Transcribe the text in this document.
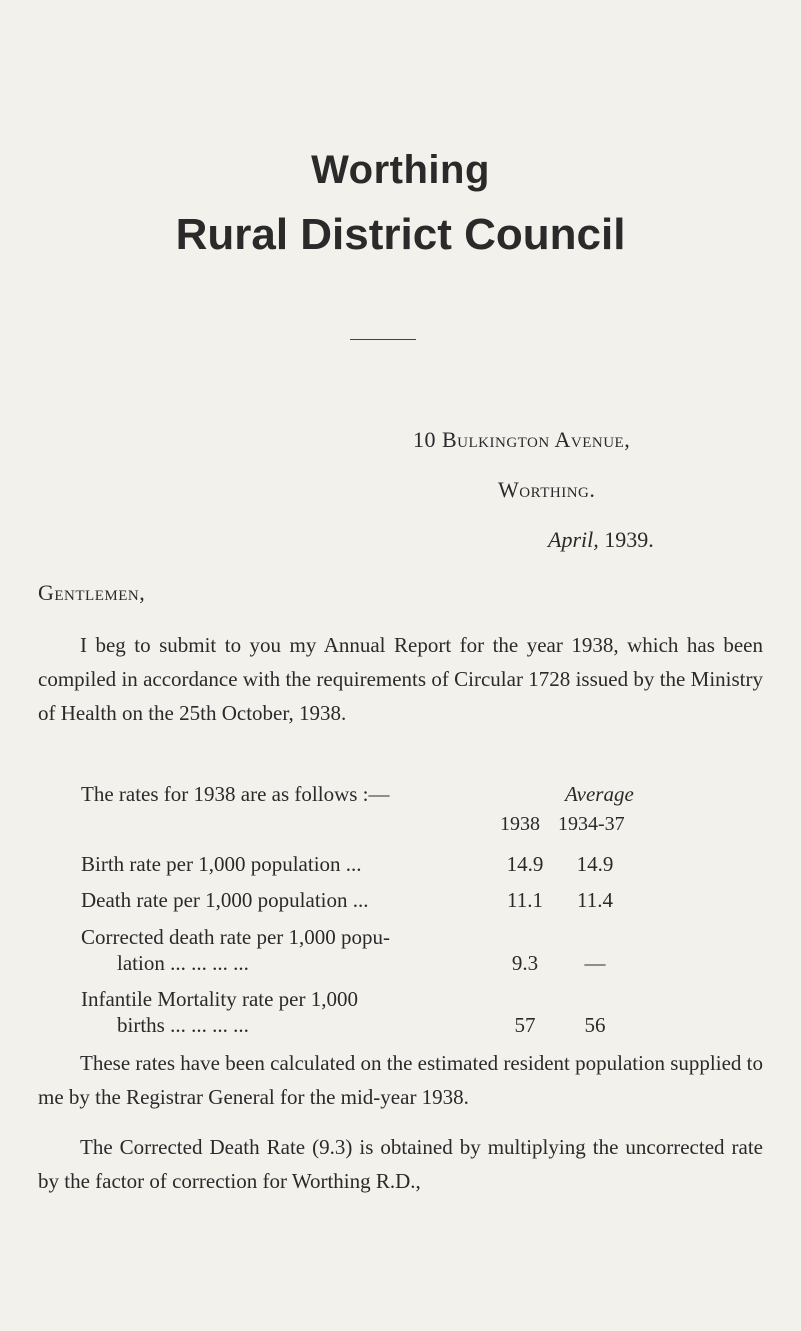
Worthing
Rural District Council
10 Bulkington Avenue,
Worthing.
April, 1939.
Gentlemen,
I beg to submit to you my Annual Report for the year 1938, which has been compiled in accordance with the requirements of Circular 1728 issued by the Ministry of Health on the 25th October, 1938.
The rates for 1938 are as follows :—	Average
1938 1934-37
Birth rate per 1,000 population ...	14.9	14.9
Death rate per 1,000 population ...	11.1	11.4
Corrected death rate per 1,000 popu-
lation ... ... ... ...	9.3	—
Infantile Mortality rate per 1,000
births ... ... ... ...	57	56
These rates have been calculated on the estimated resident population supplied to me by the Registrar General for the mid-year 1938.
The Corrected Death Rate (9.3) is obtained by multiplying the uncorrected rate by the factor of correction for Worthing R.D.,
